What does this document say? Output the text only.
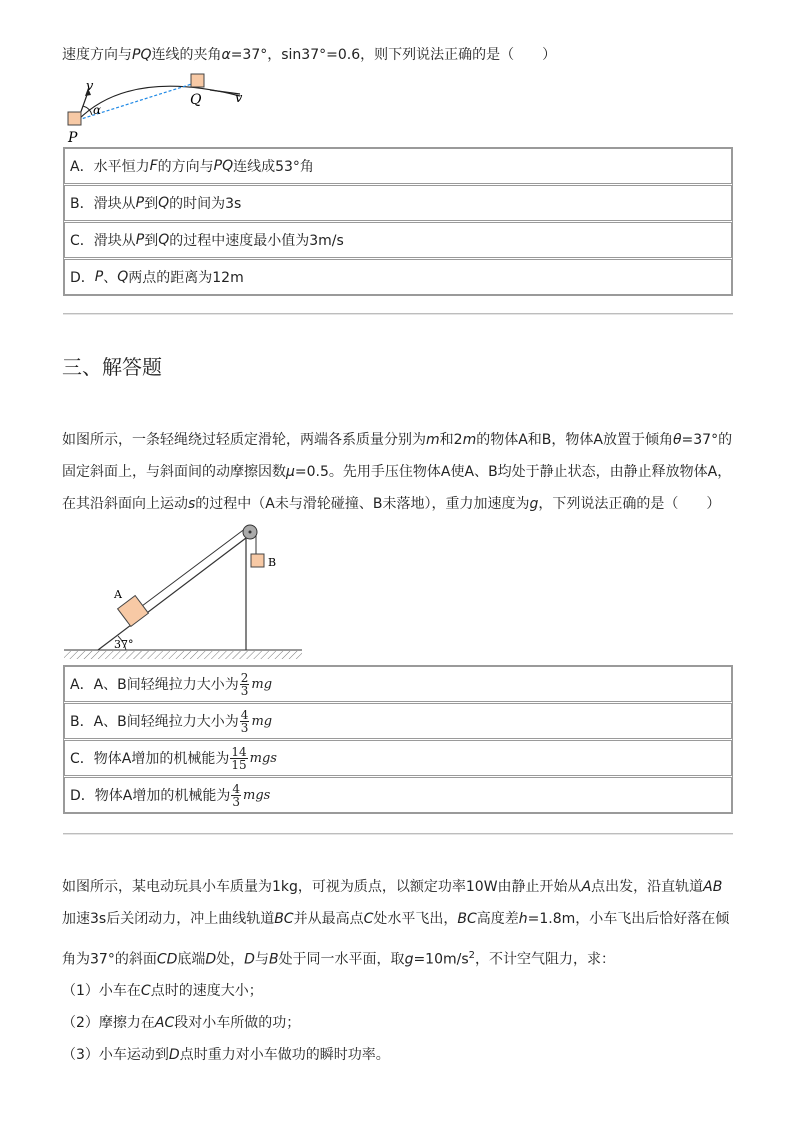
速度方向与PQ连线的夹角α=37°，sin37°=0.6，则下列说法正确的是（　　）
v
α
P
Q	v
A．水平恒力 F 的方向与 PQ 连线成53°角
B．滑块从 P 到 Q 的时间为3s
C．滑块从 P 到 Q 的过程中速度最小值为3m/s
D． P 、 Q 两点的距离为12m
三、解答题
如图所示，一条轻绳绕过轻质定滑轮，两端各系质量分别为m和2m的物体A和B，物体A放置于倾角θ=37°的
固定斜面上，与斜面间的动摩擦因数μ=0.5。先用手压住物体A使A、B均处于静止状态，由静止释放物体A，
在其沿斜面向上运动s的过程中（A未与滑轮碰撞、B未落地），重力加速度为g，下列说法正确的是（　　）
A
B
37°
A．A、B间轻绳拉力大小为 $\frac{2}{3}$ mg
B．A、B间轻绳拉力大小为 $\frac{4}{3}$ mg
C．物体A增加的机械能为 $\frac{14}{15}$ mgs
D．物体A增加的机械能为 $\frac{4}{3}$ mgs
如图所示，某电动玩具小车质量为1kg，可视为质点，以额定功率10W由静止开始从A点出发，沿直轨道AB
加速3s后关闭动力，冲上曲线轨道BC并从最高点C处水平飞出，BC高度差h=1.8m，小车飞出后恰好落在倾
角为37°的斜面CD底端D处，D与B处于同一水平面，取$g=10m/s^2$，不计空气阻力，求：
（1）小车在C点时的速度大小；
（2）摩擦力在AC段对小车所做的功；
（3）小车运动到D点时重力对小车做功的瞬时功率。
